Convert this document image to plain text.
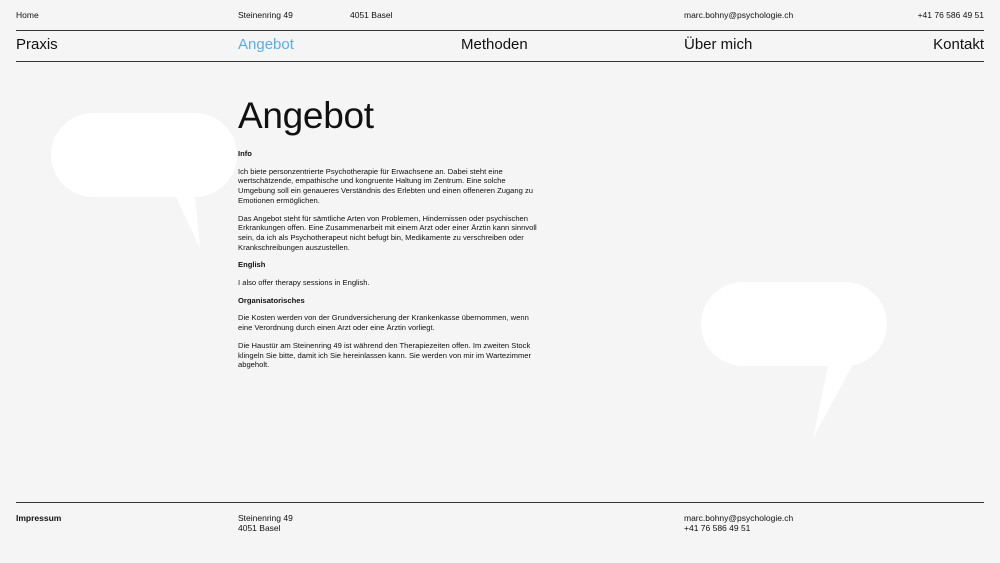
Home	Steinenring 49	4051 Basel	marc.bohny@psychologie.ch	+41 76 586 49 51
Praxis	Angebot	Methoden	Über mich	Kontakt
Angebot
Info

Ich biete personzentrierte Psychotherapie für Erwachsene an. Dabei steht eine wertschätzende, empathische und kongruente Haltung im Zentrum. Eine solche Umgebung soll ein genaueres Verständnis des Erlebten und einen offeneren Zugang zu Emotionen ermöglichen.

Das Angebot steht für sämtliche Arten von Problemen, Hindernissen oder psychischen Erkrankungen offen. Eine Zusammenarbeit mit einem Arzt oder einer Ärztin kann sinnvoll sein, da ich als Psychotherapeut nicht befugt bin, Medikamente zu verschreiben oder Krankschreibungen auszustellen.

English

I also offer therapy sessions in English.

Organisatorisches

Die Kosten werden von der Grundversicherung der Krankenkasse übernommen, wenn eine Verordnung durch einen Arzt oder eine Ärztin vorliegt.

Die Haustür am Steinenring 49 ist während den Therapiezeiten offen. Im zweiten Stock klingeln Sie bitte, damit ich Sie hereinlassen kann. Sie werden von mir im Wartezimmer abgeholt.

Impressum	Steinenring 49
4051 Basel
marc.bohny@psychologie.ch
+41 76 586 49 51
